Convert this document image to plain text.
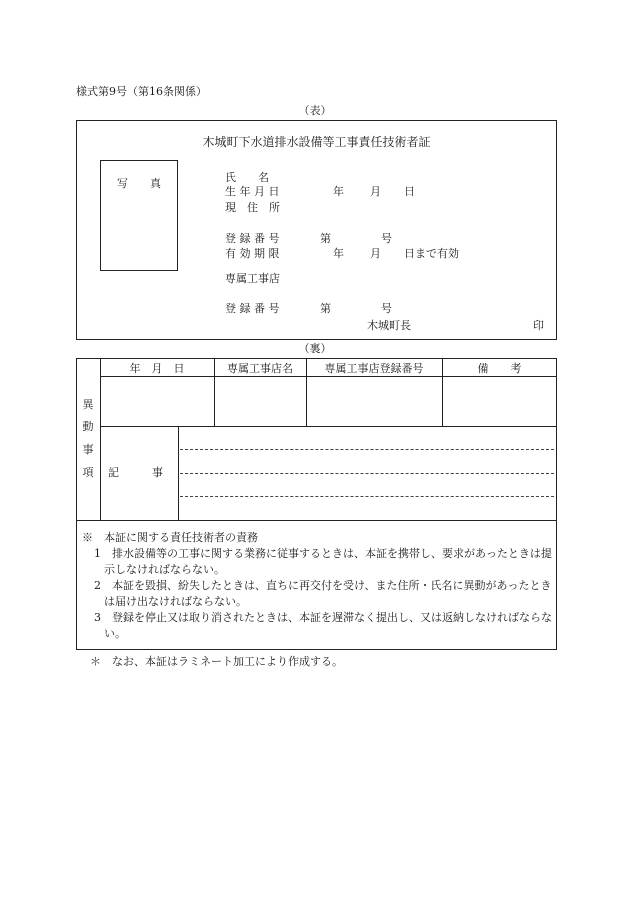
様式第9号（第16条関係）
（表）
木城町下水道排水設備等工事責任技術者証
写　　真	氏　　名
生 年 月 日	年 月 日
現　住　所
登 録 番 号	第	号
有 効 期 限	年 月 日まで有効
専属工事店
登 録 番 号	第	号
木城町長	印
（裏）
年　月　日	専属工事店名	専属工事店登録番号	備　　考
異
動
事
項	記　　　事
※　本証に関する責任技術者の責務
1　排水設備等の工事に関する業務に従事するときは、本証を携帯し、要求があったときは提示しなければならない。
2　本証を毀損、紛失したときは、直ちに再交付を受け、また住所・氏名に異動があったときは届け出なければならない。
3　登録を停止又は取り消されたときは、本証を遅滞なく提出し、又は返納しなければならない。
＊　なお、本証はラミネート加工により作成する。
